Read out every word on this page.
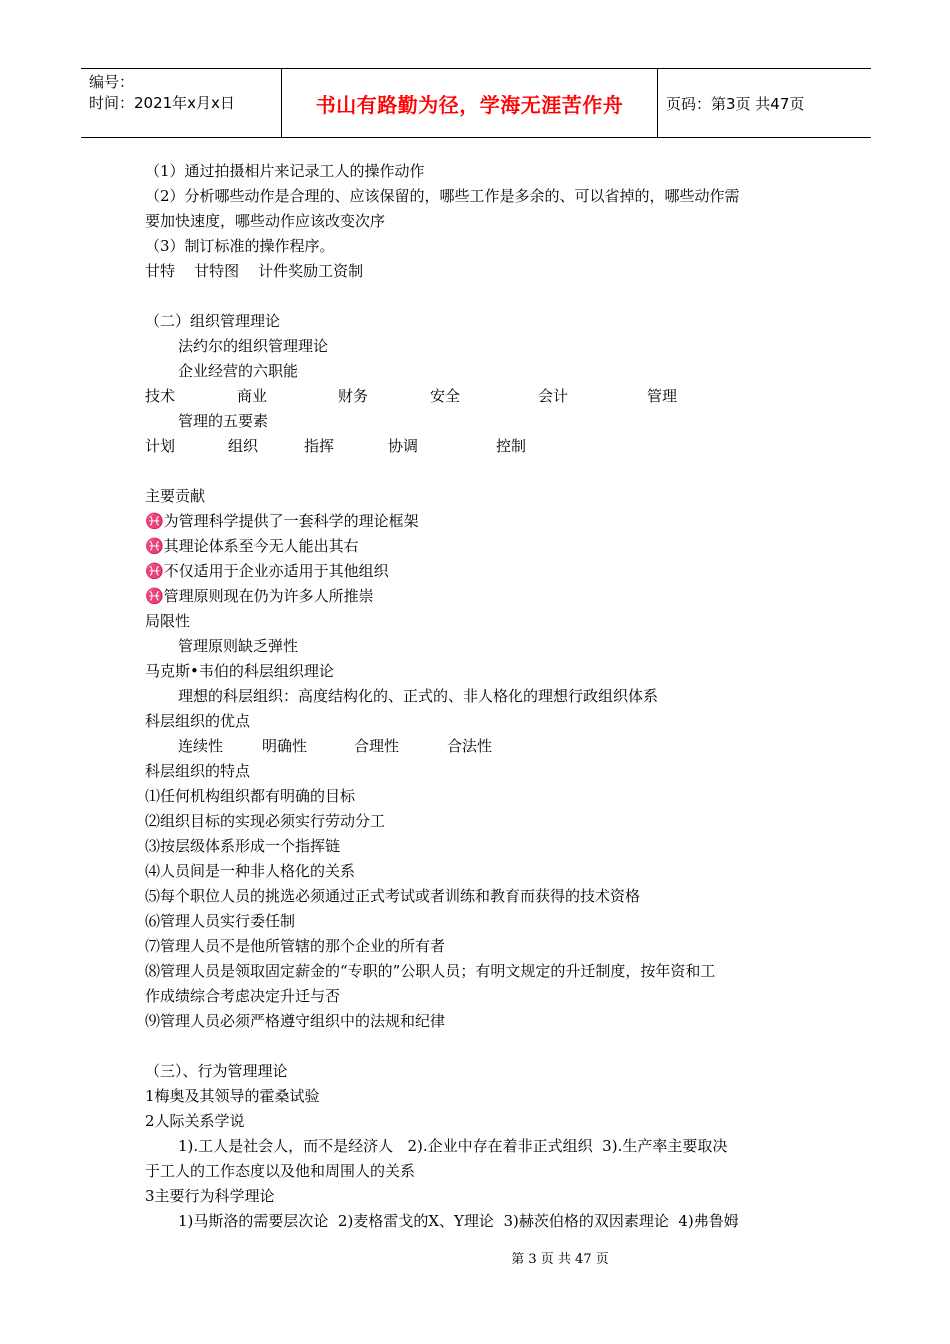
编号：
时间：2021年x月x日	书山有路勤为径，学海无涯苦作舟	页码：第3页 共47页
（1）通过拍摄相片来记录工人的操作动作
（2）分析哪些动作是合理的、应该保留的，哪些工作是多余的、可以省掉的，哪些动作需
要加快速度，哪些动作应该改变次序
（3）制订标准的操作程序。
甘特    甘特图    计件奖励工资制
（二）组织管理理论
法约尔的组织管理理论
企业经营的六职能
技术	商业	财务	安全	会计	管理
管理的五要素
计划	组织	指挥	协调	控制
主要贡献
♓为管理科学提供了一套科学的理论框架
♓其理论体系至今无人能出其右
♓不仅适用于企业亦适用于其他组织
♓管理原则现在仍为许多人所推崇
局限性
管理原则缺乏弹性
马克斯•韦伯的科层组织理论
理想的科层组织：高度结构化的、正式的、非人格化的理想行政组织体系
科层组织的优点
连续性	明确性	合理性	合法性
科层组织的特点
⑴任何机构组织都有明确的目标
⑵组织目标的实现必须实行劳动分工
⑶按层级体系形成一个指挥链
⑷人员间是一种非人格化的关系
⑸每个职位人员的挑选必须通过正式考试或者训练和教育而获得的技术资格
⑹管理人员实行委任制
⑺管理人员不是他所管辖的那个企业的所有者
⑻管理人员是领取固定薪金的“专职的”公职人员；有明文规定的升迁制度，按年资和工
作成绩综合考虑决定升迁与否
⑼管理人员必须严格遵守组织中的法规和纪律
（三）、行为管理理论
1梅奥及其领导的霍桑试验
2人际关系学说
1).工人是社会人，而不是经济人   2).企业中存在着非正式组织  3).生产率主要取决
于工人的工作态度以及他和周围人的关系
3主要行为科学理论
1)马斯洛的需要层次论  2)麦格雷戈的X、Y理论  3)赫茨伯格的双因素理论  4)弗鲁姆
第 3 页 共 47 页
